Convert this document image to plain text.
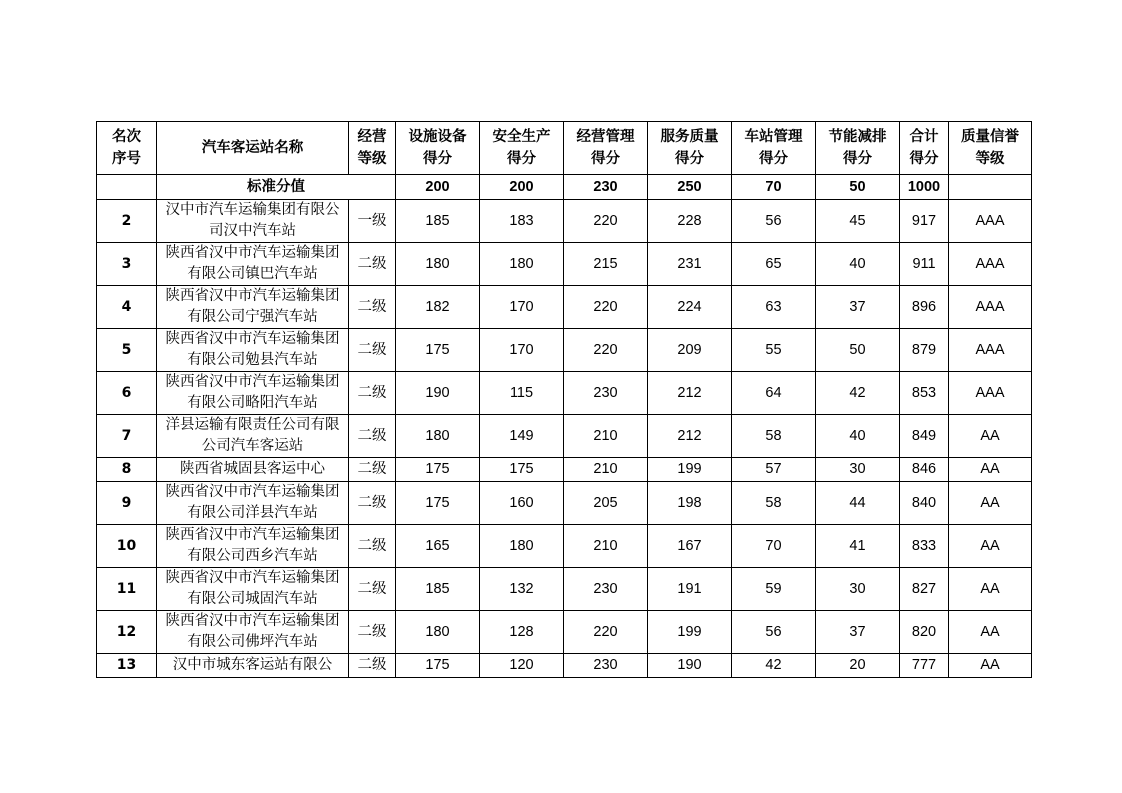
名次序号	汽车客运站名称	经营等级	设施设备得分	安全生产得分	经营管理得分	服务质量得分	车站管理得分	节能减排得分	合计得分	质量信誉等级
	标准分值		200	200	230	250	70	50	1000	
2	汉中市汽车运输集团有限公司汉中汽车站	一级	185	183	220	228	56	45	917	AAA
3	陕西省汉中市汽车运输集团有限公司镇巴汽车站	二级	180	180	215	231	65	40	911	AAA
4	陕西省汉中市汽车运输集团有限公司宁强汽车站	二级	182	170	220	224	63	37	896	AAA
5	陕西省汉中市汽车运输集团有限公司勉县汽车站	二级	175	170	220	209	55	50	879	AAA
6	陕西省汉中市汽车运输集团有限公司略阳汽车站	二级	190	115	230	212	64	42	853	AAA
7	洋县运输有限责任公司有限公司汽车客运站	二级	180	149	210	212	58	40	849	AA
8	陕西省城固县客运中心	二级	175	175	210	199	57	30	846	AA
9	陕西省汉中市汽车运输集团有限公司洋县汽车站	二级	175	160	205	198	58	44	840	AA
10	陕西省汉中市汽车运输集团有限公司西乡汽车站	二级	165	180	210	167	70	41	833	AA
11	陕西省汉中市汽车运输集团有限公司城固汽车站	二级	185	132	230	191	59	30	827	AA
12	陕西省汉中市汽车运输集团有限公司佛坪汽车站	二级	180	128	220	199	56	37	820	AA
13	汉中市城东客运站有限公	二级	175	120	230	190	42	20	777	AA
